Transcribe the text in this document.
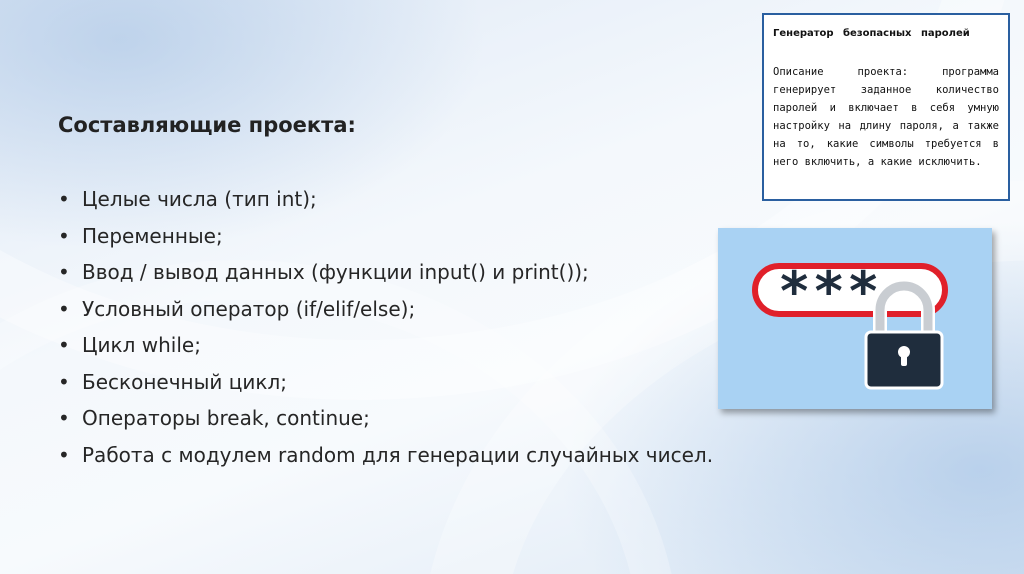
Составляющие проекта:
• Целые числа (тип int);
• Переменные;
• Ввод / вывод данных (функции input() и print());
• Условный оператор (if/elif/else);
• Цикл while;
• Бесконечный цикл;
• Операторы break, continue;
• Работа с модулем random для генерации случайных чисел.
Генератор безопасных паролей
Описание проекта: программа генерирует заданное количество паролей и включает в себя умную настройку на длину пароля, а также на то, какие символы требуется в него включить, а какие исключить.
***
